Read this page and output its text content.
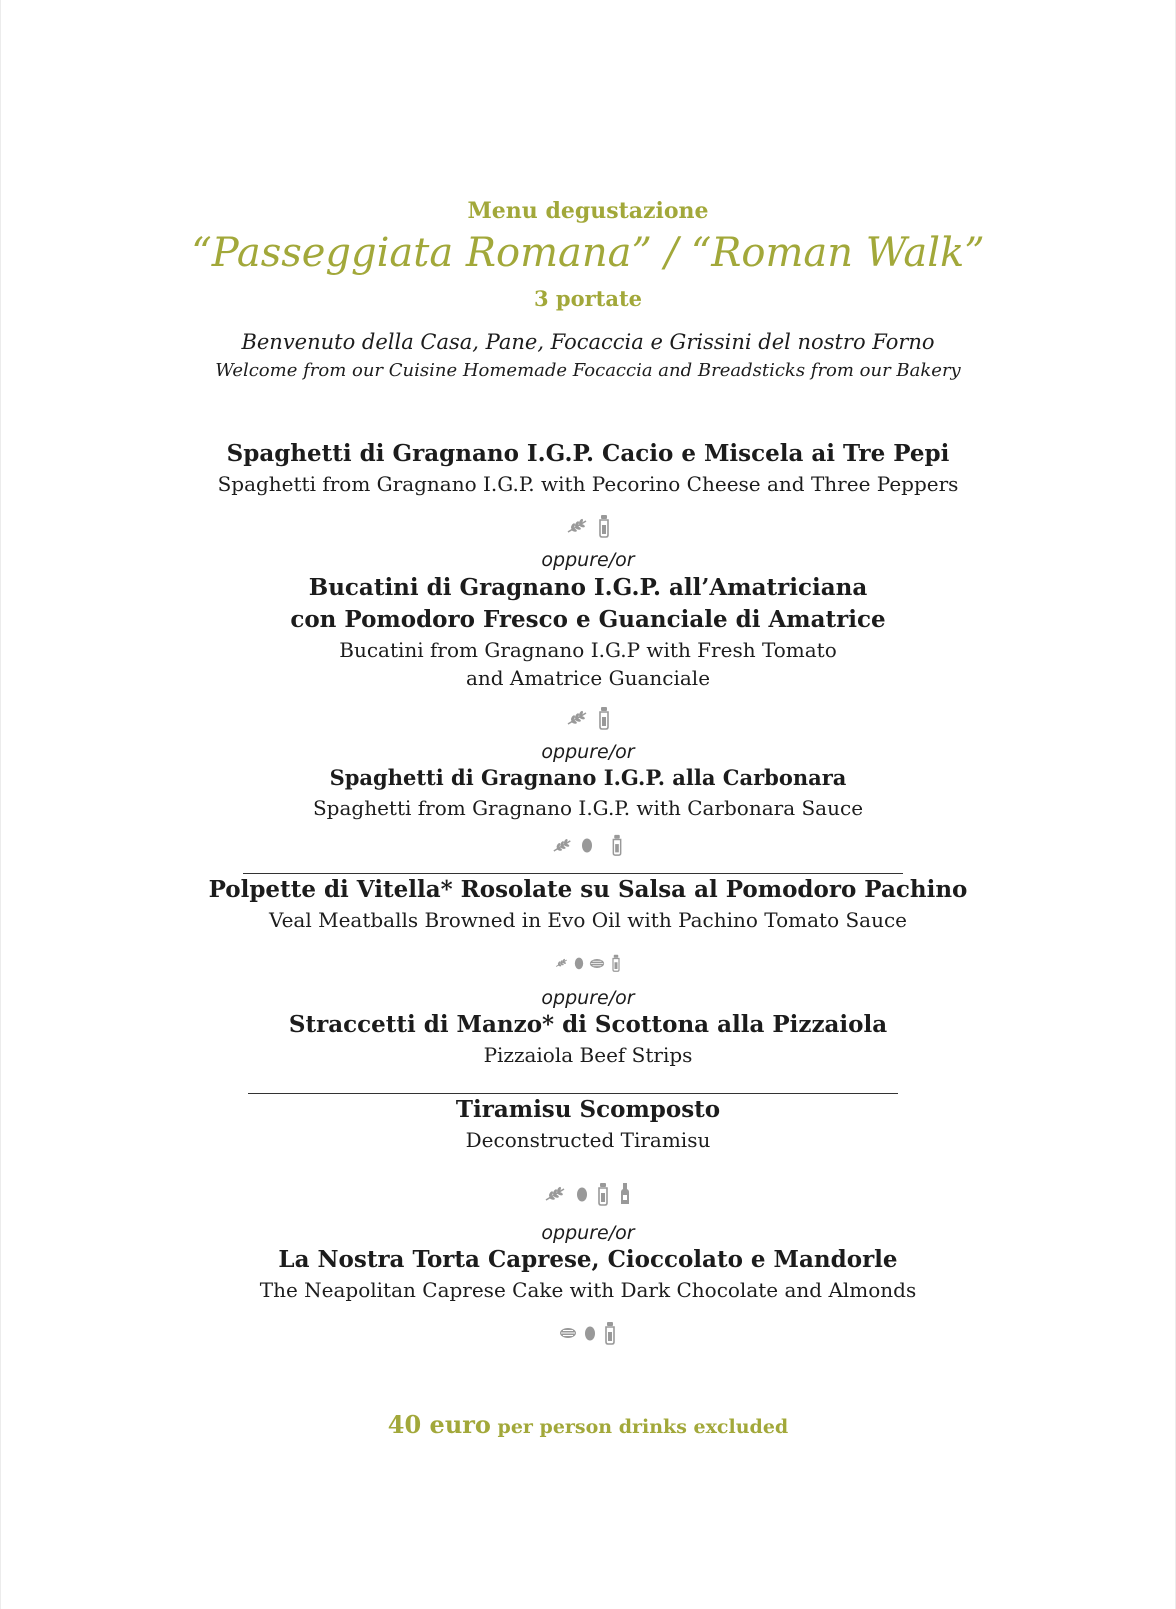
Menu degustazione
“Passeggiata Romana” / “Roman Walk”
3 portate
Benvenuto della Casa, Pane, Focaccia e Grissini del nostro Forno
Welcome from our Cuisine Homemade Focaccia and Breadsticks from our Bakery
Spaghetti di Gragnano I.G.P. Cacio e Miscela ai Tre Pepi
Spaghetti from Gragnano I.G.P. with Pecorino Cheese and Three Peppers
oppure/or
Bucatini di Gragnano I.G.P. all’Amatriciana
con Pomodoro Fresco e Guanciale di Amatrice
Bucatini from Gragnano I.G.P with Fresh Tomato
and Amatrice Guanciale
oppure/or
Spaghetti di Gragnano I.G.P. alla Carbonara
Spaghetti from Gragnano I.G.P. with Carbonara Sauce
Polpette di Vitella* Rosolate su Salsa al Pomodoro Pachino
Veal Meatballs Browned in Evo Oil with Pachino Tomato Sauce
oppure/or
Straccetti di Manzo* di Scottona alla Pizzaiola
Pizzaiola Beef Strips
Tiramisu Scomposto
Deconstructed Tiramisu
oppure/or
La Nostra Torta Caprese, Cioccolato e Mandorle
The Neapolitan Caprese Cake with Dark Chocolate and Almonds
40 euro per person drinks excluded
